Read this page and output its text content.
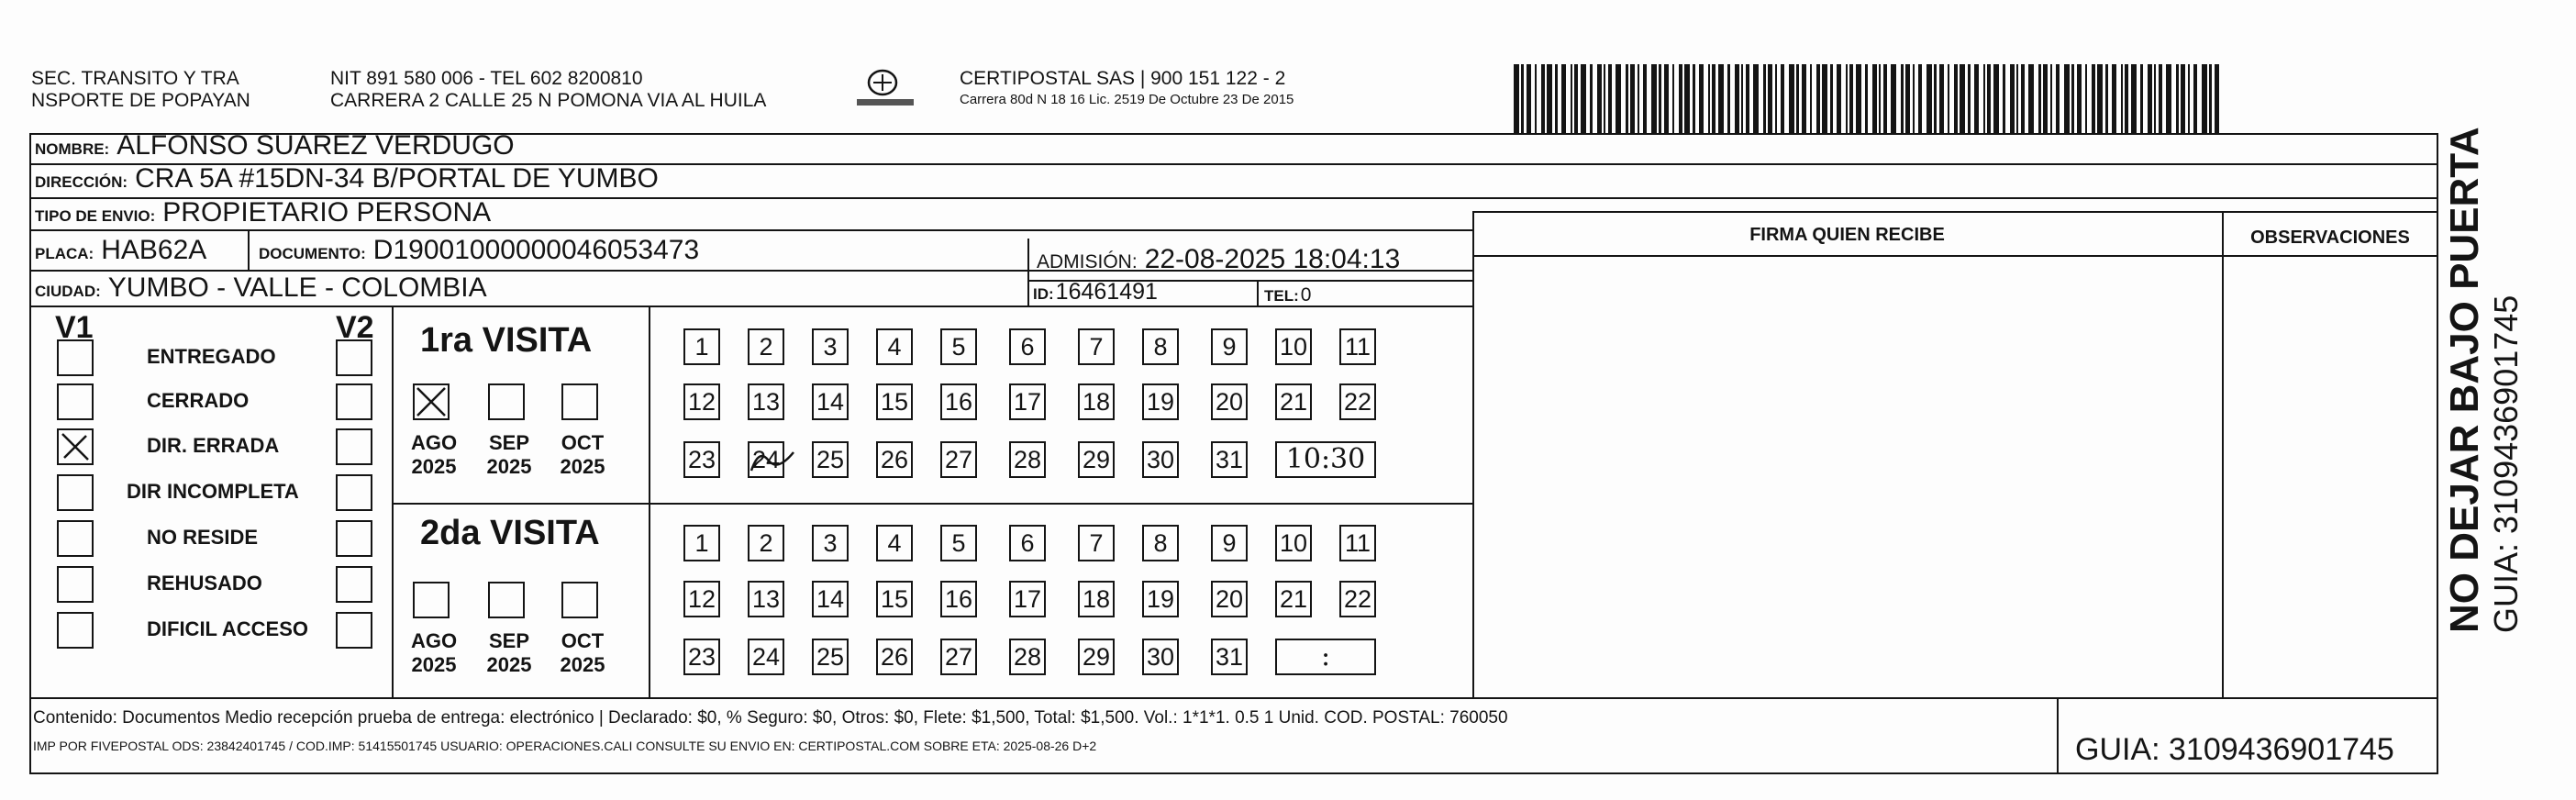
SEC. TRANSITO Y TRA
NSPORTE DE POPAYAN
NIT 891 580 006 - TEL 602 8200810
CARRERA 2 CALLE 25 N POMONA VIA AL HUILA
CERTIPOSTAL SAS | 900 151 122 - 2
Carrera 80d N 18 16 Lic. 2519 De Octubre 23 De 2015
NOMBRE: ALFONSO SUAREZ VERDUGO
DIRECCIÓN: CRA 5A #15DN-34 B/PORTAL DE YUMBO
TIPO DE ENVIO: PROPIETARIO PERSONA
PLACA: HAB62A	DOCUMENTO: D19001000000046053473	ADMISIÓN: 22-08-2025 18:04:13
CIUDAD: YUMBO - VALLE - COLOMBIA	ID: 16461491	TEL: 0
FIRMA QUIEN RECIBE	OBSERVACIONES
V1	V2
ENTREGADO
CERRADO
DIR. ERRADA
DIR INCOMPLETA
NO RESIDE
REHUSADO
DIFICIL ACCESO
1ra VISITA
AGO
2025
SEP
2025
OCT
2025
1	2	3	4	5	6	7	8	9	10 11
12 13 14 15 16 17 18 19 20 21 22
23 24 25 26 27 28 29 30 31	10:30
2da VISITA
AGO
2025
SEP
2025
OCT
2025
1	2	3	4	5	6	7	8	9	10 11
12 13 14 15 16 17 18 19 20 21 22
23 24 25 26 27 28 29 30 31	:
Contenido: Documentos Medio recepción prueba de entrega: electrónico | Declarado: $0, % Seguro: $0, Otros: $0, Flete: $1,500, Total: $1,500. Vol.: 1*1*1. 0.5 1 Unid. COD. POSTAL: 760050
IMP POR FIVEPOSTAL ODS: 23842401745 / COD.IMP: 51415501745 USUARIO: OPERACIONES.CALI CONSULTE SU ENVIO EN: CERTIPOSTAL.COM SOBRE ETA: 2025-08-26 D+2	GUIA: 3109436901745
NO DEJAR BAJO PUERTA GUIA: 3109436901745
